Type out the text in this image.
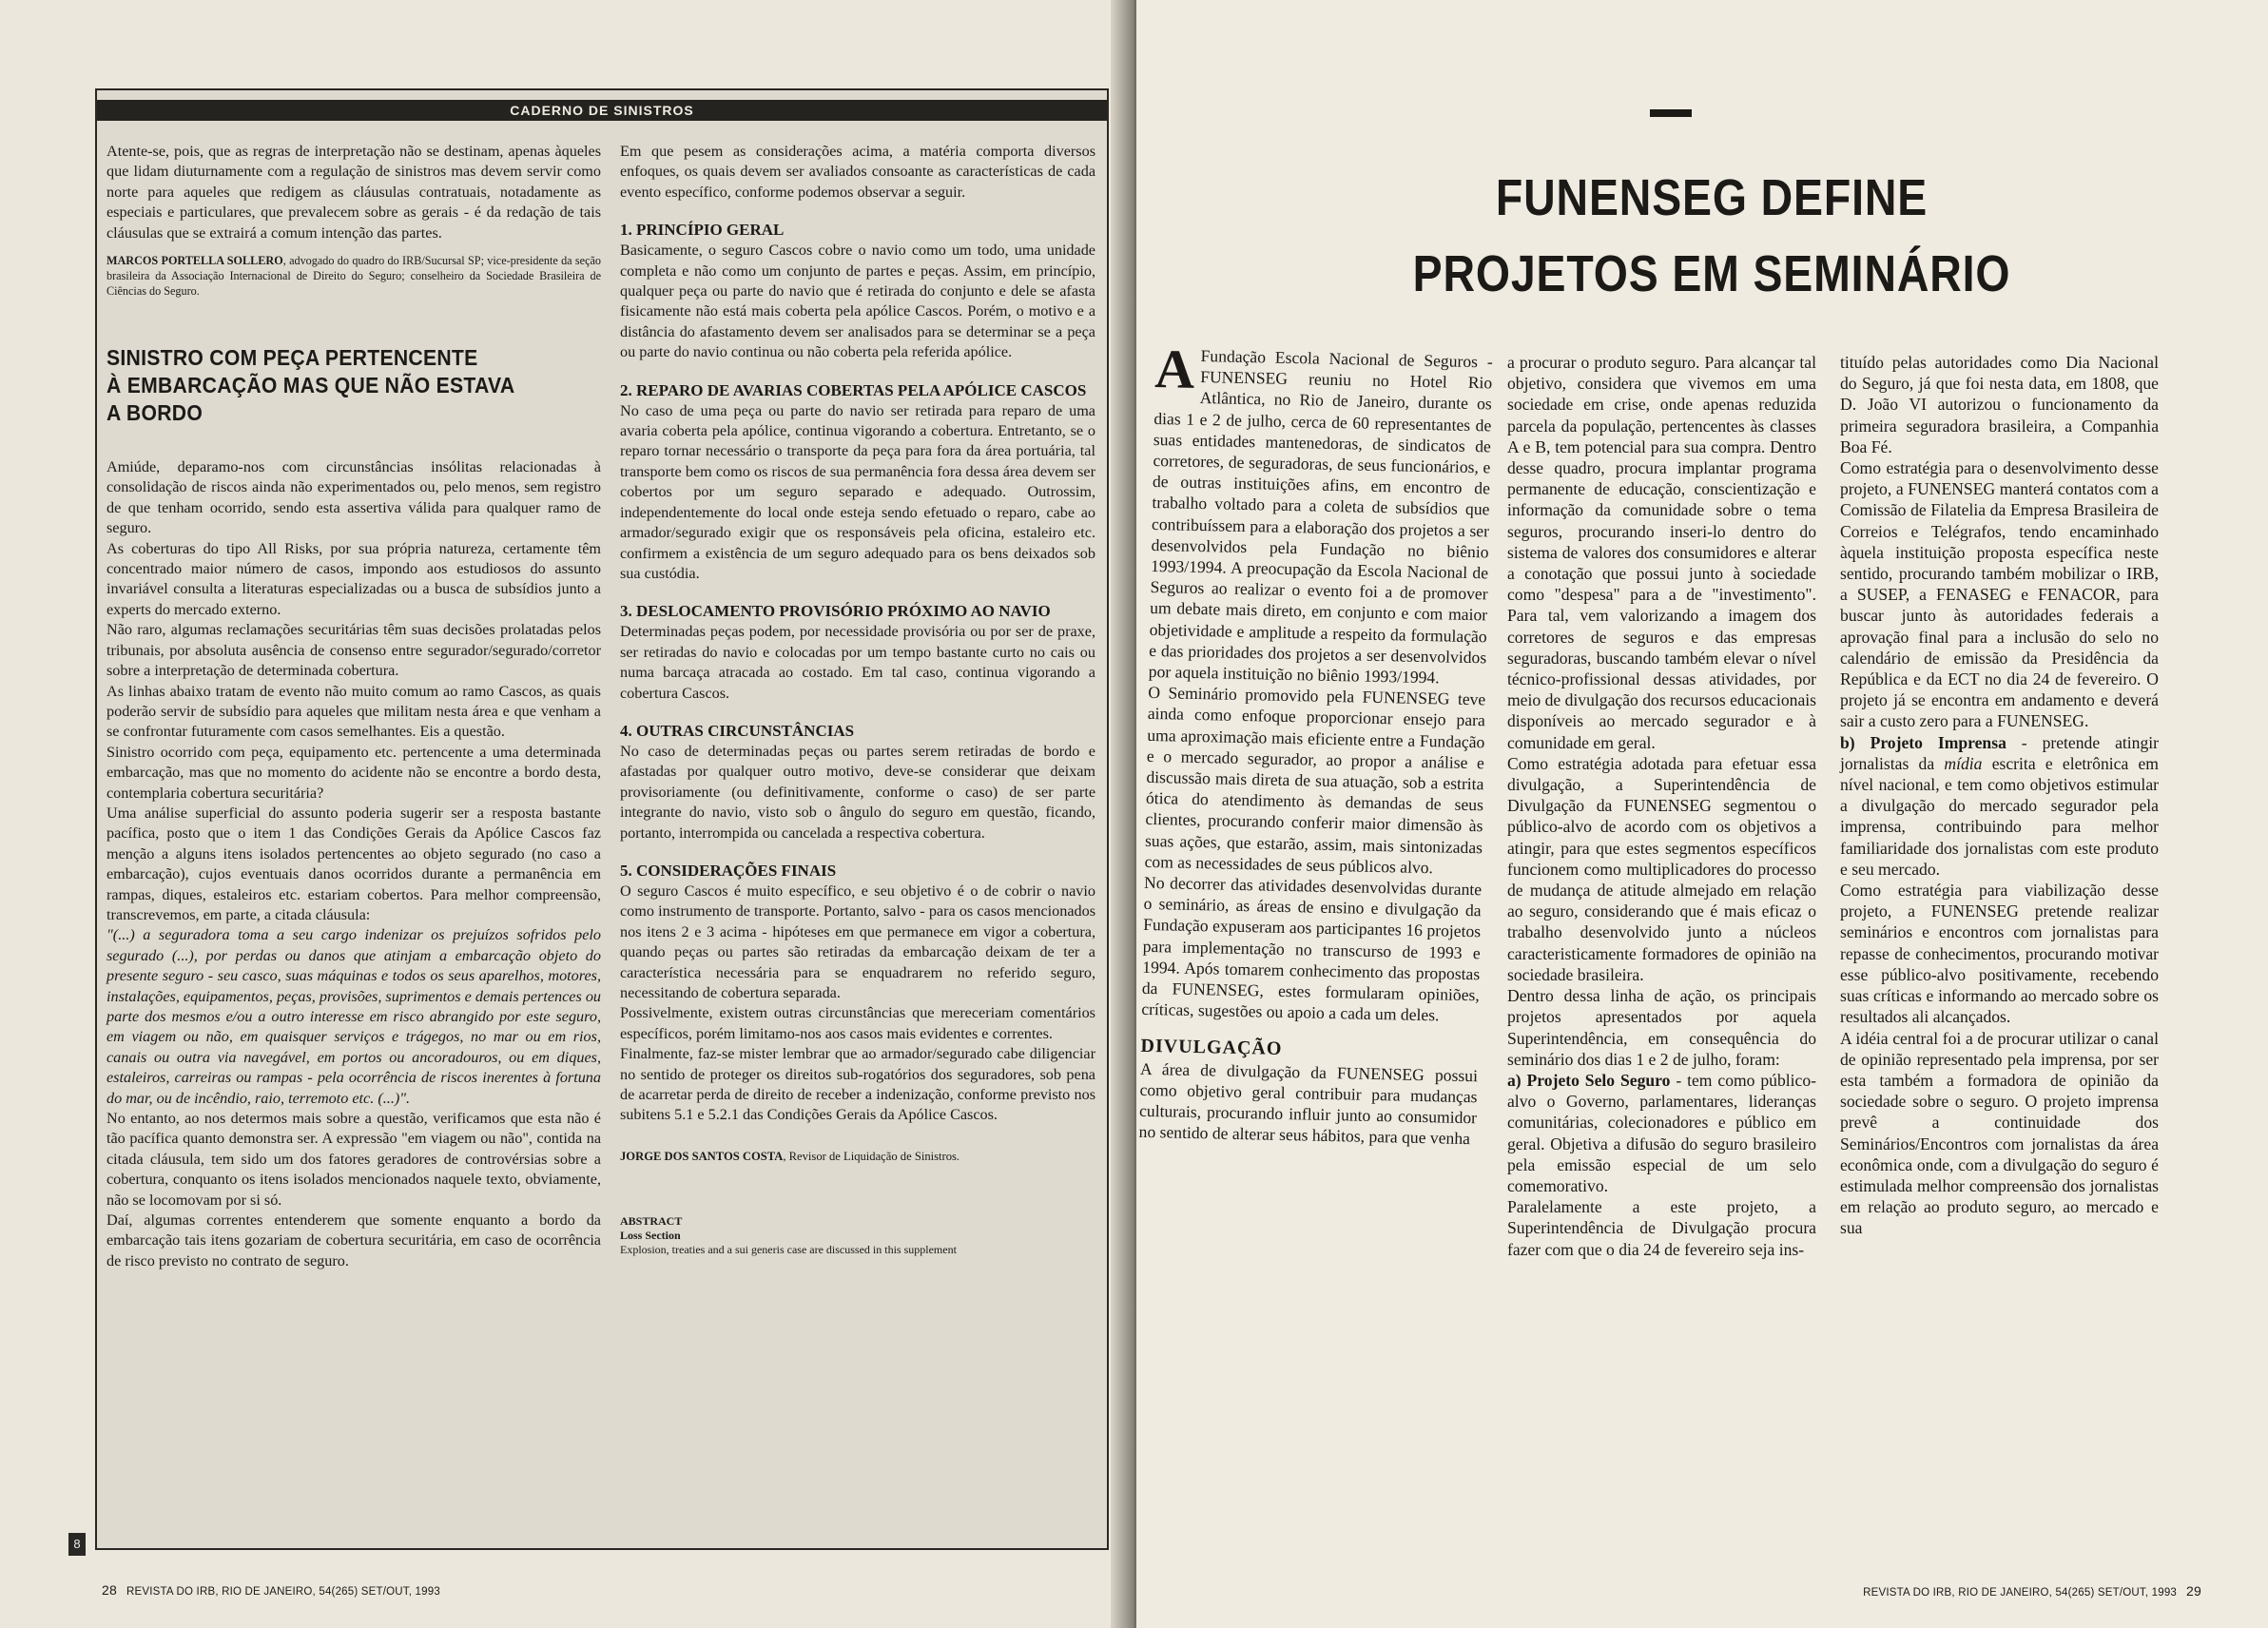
CADERNO DE SINISTROS

Atente-se, pois, que as regras de interpretação não se destinam, apenas àqueles que lidam diuturnamente com a regulação de sinistros mas devem servir como norte para aqueles que redigem as cláusulas contratuais, notadamente as especiais e particulares, que prevalecem sobre as gerais - é da redação de tais cláusulas que se extrairá a comum intenção das partes.

MARCOS PORTELLA SOLLERO, advogado do quadro do IRB/Sucursal SP; vice-presidente da seção brasileira da Associação Internacional de Direito do Seguro; conselheiro da Sociedade Brasileira de Ciências do Seguro.

SINISTRO COM PEÇA PERTENCENTE
À EMBARCAÇÃO MAS QUE NÃO ESTAVA
A BORDO

Amiúde, deparamo-nos com circunstâncias insólitas relacionadas à consolidação de riscos ainda não experimentados ou, pelo menos, sem registro de que tenham ocorrido, sendo esta assertiva válida para qualquer ramo de seguro.

As coberturas do tipo All Risks, por sua própria natureza, certamente têm concentrado maior número de casos, impondo aos estudiosos do assunto invariável consulta a literaturas especializadas ou a busca de subsídios junto a experts do mercado externo.

Não raro, algumas reclamações securitárias têm suas decisões prolatadas pelos tribunais, por absoluta ausência de consenso entre segurador/segurado/corretor sobre a interpretação de determinada cobertura.

As linhas abaixo tratam de evento não muito comum ao ramo Cascos, as quais poderão servir de subsídio para aqueles que militam nesta área e que venham a se confrontar futuramente com casos semelhantes. Eis a questão.

Sinistro ocorrido com peça, equipamento etc. pertencente a uma determinada embarcação, mas que no momento do acidente não se encontre a bordo desta, contemplaria cobertura securitária?

Uma análise superficial do assunto poderia sugerir ser a resposta bastante pacífica, posto que o item 1 das Condições Gerais da Apólice Cascos faz menção a alguns itens isolados pertencentes ao objeto segurado (no caso a embarcação), cujos eventuais danos ocorridos durante a permanência em rampas, diques, estaleiros etc. estariam cobertos. Para melhor compreensão, transcrevemos, em parte, a citada cláusula:

"(...) a seguradora toma a seu cargo indenizar os prejuízos sofridos pelo segurado (...), por perdas ou danos que atinjam a embarcação objeto do presente seguro - seu casco, suas máquinas e todos os seus aparelhos, motores, instalações, equipamentos, peças, provisões, suprimentos e demais pertences ou parte dos mesmos e/ou a outro interesse em risco abrangido por este seguro, em viagem ou não, em quaisquer serviços e trágegos, no mar ou em rios, canais ou outra via navegável, em portos ou ancoradouros, ou em diques, estaleiros, carreiras ou rampas - pela ocorrência de riscos inerentes à fortuna do mar, ou de incêndio, raio, terremoto etc. (...)".

No entanto, ao nos determos mais sobre a questão, verificamos que esta não é tão pacífica quanto demonstra ser. A expressão "em viagem ou não", contida na citada cláusula, tem sido um dos fatores geradores de controvérsias sobre a cobertura, conquanto os itens isolados mencionados naquele texto, obviamente, não se locomovam por si só.

Daí, algumas correntes entenderem que somente enquanto a bordo da embarcação tais itens gozariam de cobertura securitária, em caso de ocorrência de risco previsto no contrato de seguro.

Em que pesem as considerações acima, a matéria comporta diversos enfoques, os quais devem ser avaliados consoante as características de cada evento específico, conforme podemos observar a seguir.

1. PRINCÍPIO GERAL

Basicamente, o seguro Cascos cobre o navio como um todo, uma unidade completa e não como um conjunto de partes e peças. Assim, em princípio, qualquer peça ou parte do navio que é retirada do conjunto e dele se afasta fisicamente não está mais coberta pela apólice Cascos. Porém, o motivo e a distância do afastamento devem ser analisados para se determinar se a peça ou parte do navio continua ou não coberta pela referida apólice.

2. REPARO DE AVARIAS COBERTAS PELA APÓLICE CASCOS

No caso de uma peça ou parte do navio ser retirada para reparo de uma avaria coberta pela apólice, continua vigorando a cobertura. Entretanto, se o reparo tornar necessário o transporte da peça para fora da área portuária, tal transporte bem como os riscos de sua permanência fora dessa área devem ser cobertos por um seguro separado e adequado. Outrossim, independentemente do local onde esteja sendo efetuado o reparo, cabe ao armador/segurado exigir que os responsáveis pela oficina, estaleiro etc. confirmem a existência de um seguro adequado para os bens deixados sob sua custódia.

3. DESLOCAMENTO PROVISÓRIO PRÓXIMO AO NAVIO

Determinadas peças podem, por necessidade provisória ou por ser de praxe, ser retiradas do navio e colocadas por um tempo bastante curto no cais ou numa barcaça atracada ao costado. Em tal caso, continua vigorando a cobertura Cascos.

4. OUTRAS CIRCUNSTÂNCIAS

No caso de determinadas peças ou partes serem retiradas de bordo e afastadas por qualquer outro motivo, deve-se considerar que deixam provisoriamente (ou definitivamente, conforme o caso) de ser parte integrante do navio, visto sob o ângulo do seguro em questão, ficando, portanto, interrompida ou cancelada a respectiva cobertura.

5. CONSIDERAÇÕES FINAIS

O seguro Cascos é muito específico, e seu objetivo é o de cobrir o navio como instrumento de transporte. Portanto, salvo - para os casos mencionados nos itens 2 e 3 acima - hipóteses em que permanece em vigor a cobertura, quando peças ou partes são retiradas da embarcação deixam de ter a característica necessária para se enquadrarem no referido seguro, necessitando de cobertura separada.

Possivelmente, existem outras circunstâncias que mereceriam comentários específicos, porém limitamo-nos aos casos mais evidentes e correntes.

Finalmente, faz-se mister lembrar que ao armador/segurado cabe diligenciar no sentido de proteger os direitos sub-rogatórios dos seguradores, sob pena de acarretar perda de direito de receber a indenização, conforme previsto nos subitens 5.1 e 5.2.1 das Condições Gerais da Apólice Cascos.

JORGE DOS SANTOS COSTA, Revisor de Liquidação de Sinistros.

ABSTRACT
Loss Section
Explosion, treaties and a sui generis case are discussed in this supplement

8
28 REVISTA DO IRB, RIO DE JANEIRO, 54(265) SET/OUT, 1993
FUNENSEG DEFINE
PROJETOS EM SEMINÁRIO

A Fundação Escola Nacional de Seguros - FUNENSEG reuniu no Hotel Rio Atlântica, no Rio de Janeiro, durante os dias 1 e 2 de julho, cerca de 60 representantes de suas entidades mantenedoras, de sindicatos de corretores, de seguradoras, de seus funcionários, e de outras instituições afins, em encontro de trabalho voltado para a coleta de subsídios que contribuíssem para a elaboração dos projetos a ser desenvolvidos pela Fundação no biênio 1993/1994. A preocupação da Escola Nacional de Seguros ao realizar o evento foi a de promover um debate mais direto, em conjunto e com maior objetividade e amplitude a respeito da formulação e das prioridades dos projetos a ser desenvolvidos por aquela instituição no biênio 1993/1994.

O Seminário promovido pela FUNENSEG teve ainda como enfoque proporcionar ensejo para uma aproximação mais eficiente entre a Fundação e o mercado segurador, ao propor a análise e discussão mais direta de sua atuação, sob a estrita ótica do atendimento às demandas de seus clientes, procurando conferir maior dimensão às suas ações, que estarão, assim, mais sintonizadas com as necessidades de seus públicos alvo.

No decorrer das atividades desenvolvidas durante o seminário, as áreas de ensino e divulgação da Fundação expuseram aos participantes 16 projetos para implementação no transcurso de 1993 e 1994. Após tomarem conhecimento das propostas da FUNENSEG, estes formularam opiniões, críticas, sugestões ou apoio a cada um deles.

DIVULGAÇÃO

A área de divulgação da FUNENSEG possui como objetivo geral contribuir para mudanças culturais, procurando influir junto ao consumidor no sentido de alterar seus hábitos, para que venha

a procurar o produto seguro. Para alcançar tal objetivo, considera que vivemos em uma sociedade em crise, onde apenas reduzida parcela da população, pertencentes às classes A e B, tem potencial para sua compra. Dentro desse quadro, procura implantar programa permanente de educação, conscientização e informação da comunidade sobre o tema seguros, procurando inseri-lo dentro do sistema de valores dos consumidores e alterar a conotação que possui junto à sociedade como "despesa" para a de "investimento". Para tal, vem valorizando a imagem dos corretores de seguros e das empresas seguradoras, buscando também elevar o nível técnico-profissional dessas atividades, por meio de divulgação dos recursos educacionais disponíveis ao mercado segurador e à comunidade em geral.

Como estratégia adotada para efetuar essa divulgação, a Superintendência de Divulgação da FUNENSEG segmentou o público-alvo de acordo com os objetivos a atingir, para que estes segmentos específicos funcionem como multiplicadores do processo de mudança de atitude almejado em relação ao seguro, considerando que é mais eficaz o trabalho desenvolvido junto a núcleos caracteristicamente formadores de opinião na sociedade brasileira.

Dentro dessa linha de ação, os principais projetos apresentados por aquela Superintendência, em consequência do seminário dos dias 1 e 2 de julho, foram:

a) Projeto Selo Seguro - tem como público-alvo o Governo, parlamentares, lideranças comunitárias, colecionadores e público em geral. Objetiva a difusão do seguro brasileiro pela emissão especial de um selo comemorativo.

Paralelamente a este projeto, a Superintendência de Divulgação procura fazer com que o dia 24 de fevereiro seja ins-

tituído pelas autoridades como Dia Nacional do Seguro, já que foi nesta data, em 1808, que D. João VI autorizou o funcionamento da primeira seguradora brasileira, a Companhia Boa Fé.

Como estratégia para o desenvolvimento desse projeto, a FUNENSEG manterá contatos com a Comissão de Filatelia da Empresa Brasileira de Correios e Telégrafos, tendo encaminhado àquela instituição proposta específica neste sentido, procurando também mobilizar o IRB, a SUSEP, a FENASEG e FENACOR, para buscar junto às autoridades federais a aprovação final para a inclusão do selo no calendário de emissão da Presidência da República e da ECT no dia 24 de fevereiro. O projeto já se encontra em andamento e deverá sair a custo zero para a FUNENSEG.

b) Projeto Imprensa - pretende atingir jornalistas da mídia escrita e eletrônica em nível nacional, e tem como objetivos estimular a divulgação do mercado segurador pela imprensa, contribuindo para melhor familiaridade dos jornalistas com este produto e seu mercado.

Como estratégia para viabilização desse projeto, a FUNENSEG pretende realizar seminários e encontros com jornalistas para repasse de conhecimentos, procurando motivar esse público-alvo positivamente, recebendo suas críticas e informando ao mercado sobre os resultados ali alcançados.

A idéia central foi a de procurar utilizar o canal de opinião representado pela imprensa, por ser esta também a formadora de opinião da sociedade sobre o seguro. O projeto imprensa prevê a continuidade dos Seminários/Encontros com jornalistas da área econômica onde, com a divulgação do seguro é estimulada melhor compreensão dos jornalistas em relação ao produto seguro, ao mercado e sua

REVISTA DO IRB, RIO DE JANEIRO, 54(265) SET/OUT, 1993 29
